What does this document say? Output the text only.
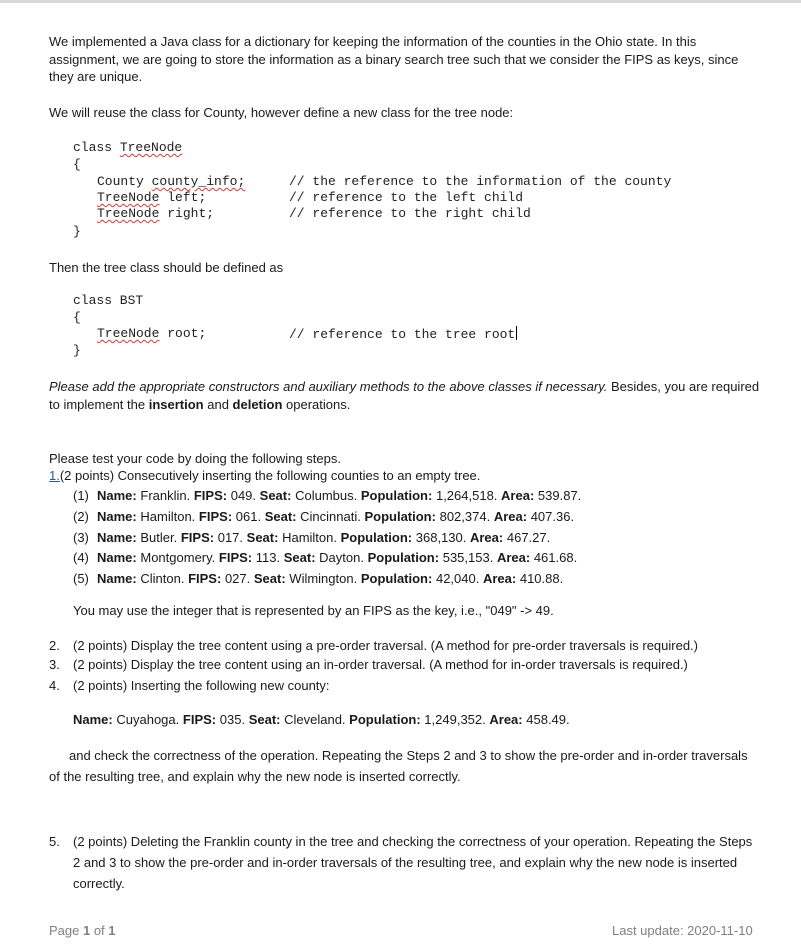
We implemented a Java class for a dictionary for keeping the information of the counties in the Ohio state. In this assignment, we are going to store the information as a binary search tree such that we consider the FIPS as keys, since they are unique.
We will reuse the class for County, however define a new class for the tree node:
class TreeNode
{
County county_info;	// the reference to the information of the county
TreeNode left;	// reference to the left child
TreeNode right;	// reference to the right child
}
Then the tree class should be defined as
class BST
{
TreeNode root;	// reference to the tree root
}
Please add the appropriate constructors and auxiliary methods to the above classes if necessary. Besides, you are required to implement the insertion and deletion operations.
Please test your code by doing the following steps.
1.(2 points) Consecutively inserting the following counties to an empty tree.
(1) Name: Franklin. FIPS: 049. Seat: Columbus. Population: 1,264,518. Area: 539.87.
(2) Name: Hamilton. FIPS: 061. Seat: Cincinnati. Population: 802,374. Area: 407.36.
(3) Name: Butler. FIPS: 017. Seat: Hamilton. Population: 368,130. Area: 467.27.
(4) Name: Montgomery. FIPS: 113. Seat: Dayton. Population: 535,153. Area: 461.68.
(5) Name: Clinton. FIPS: 027. Seat: Wilmington. Population: 42,040. Area: 410.88.
You may use the integer that is represented by an FIPS as the key, i.e., "049" -> 49.
2. (2 points) Display the tree content using a pre-order traversal. (A method for pre-order traversals is required.)
3. (2 points) Display the tree content using an in-order traversal. (A method for in-order traversals is required.)
4. (2 points) Inserting the following new county:
Name: Cuyahoga. FIPS: 035. Seat: Cleveland. Population: 1,249,352. Area: 458.49.
and check the correctness of the operation. Repeating the Steps 2 and 3 to show the pre-order and in-order traversals of the resulting tree, and explain why the new node is inserted correctly.
5. (2 points) Deleting the Franklin county in the tree and checking the correctness of your operation. Repeating the Steps 2 and 3 to show the pre-order and in-order traversals of the resulting tree, and explain why the new node is inserted correctly.
Page 1 of 1	Last update: 2020-11-10
